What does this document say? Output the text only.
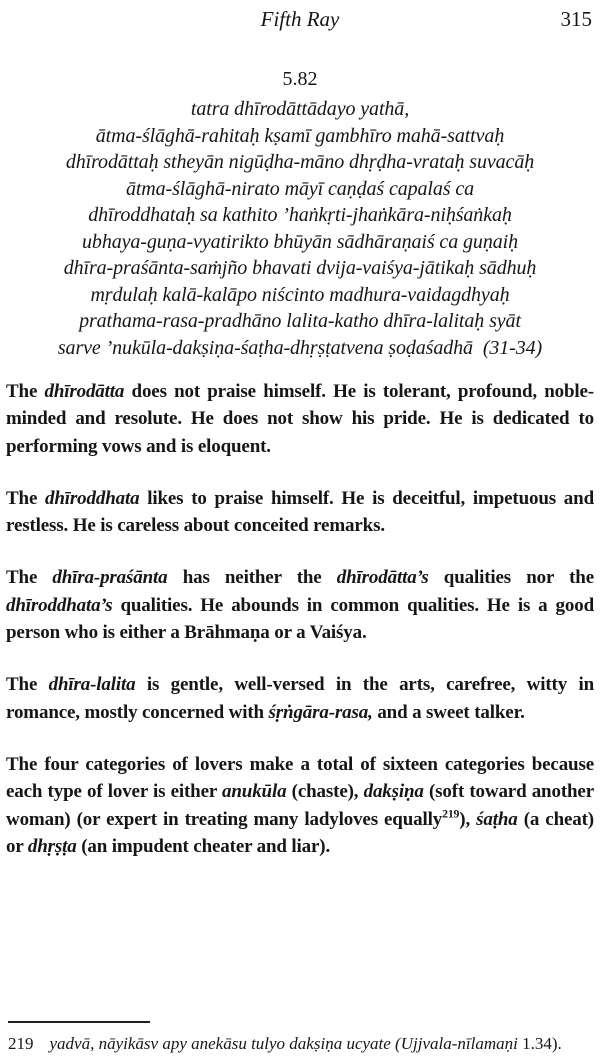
Fifth Ray	315
5.82
tatra dhīrodāttādayo yathā,
ātma-ślāghā-rahitaḥ kṣamī gambhīro mahā-sattvaḥ
dhīrodāttaḥ stheyān nigūḍha-māno dhṛḍha-vrataḥ suvacāḥ
ātma-ślāghā-nirato māyī caṇḍaś capalaś ca
dhīroddhataḥ sa kathito ’haṅkṛti-jhaṅkāra-niḥśaṅkaḥ
ubhaya-guṇa-vyatirikto bhūyān sādhāraṇaiś ca guṇaiḥ
dhīra-praśānta-saṁjño bhavati dvija-vaiśya-jātikaḥ sādhuḥ
mṛdulaḥ kalā-kalāpo niścinto madhura-vaidagdhyaḥ
prathama-rasa-pradhāno lalita-katho dhīra-lalitaḥ syāt
sarve ’nukūla-dakṣiṇa-śaṭha-dhṛṣṭatvena ṣoḍaśadhā (31-34)

The dhīrodātta does not praise himself. He is tolerant, profound, noble-minded and resolute. He does not show his pride. He is dedicated to performing vows and is eloquent.

The dhīroddhata likes to praise himself. He is deceitful, impetuous and restless. He is careless about conceited remarks.

The dhīra-praśānta has neither the dhīrodātta’s qualities nor the dhīroddhata’s qualities. He abounds in common qualities. He is a good person who is either a Brāhmaṇa or a Vaiśya.

The dhīra-lalita is gentle, well-versed in the arts, carefree, witty in romance, mostly concerned with śṛṅgāra-rasa, and a sweet talker.

The four categories of lovers make a total of sixteen categories because each type of lover is either anukūla (chaste), dakṣiṇa (soft toward another woman) (or expert in treating many ladyloves equally$^{219}$), śaṭha (a cheat) or dhṛṣṭa (an impudent cheater and liar).

219 yadvā, nāyikāsv apy anekāsu tulyo dakṣiṇa ucyate (Ujjvala-nīlamaṇi 1.34).
